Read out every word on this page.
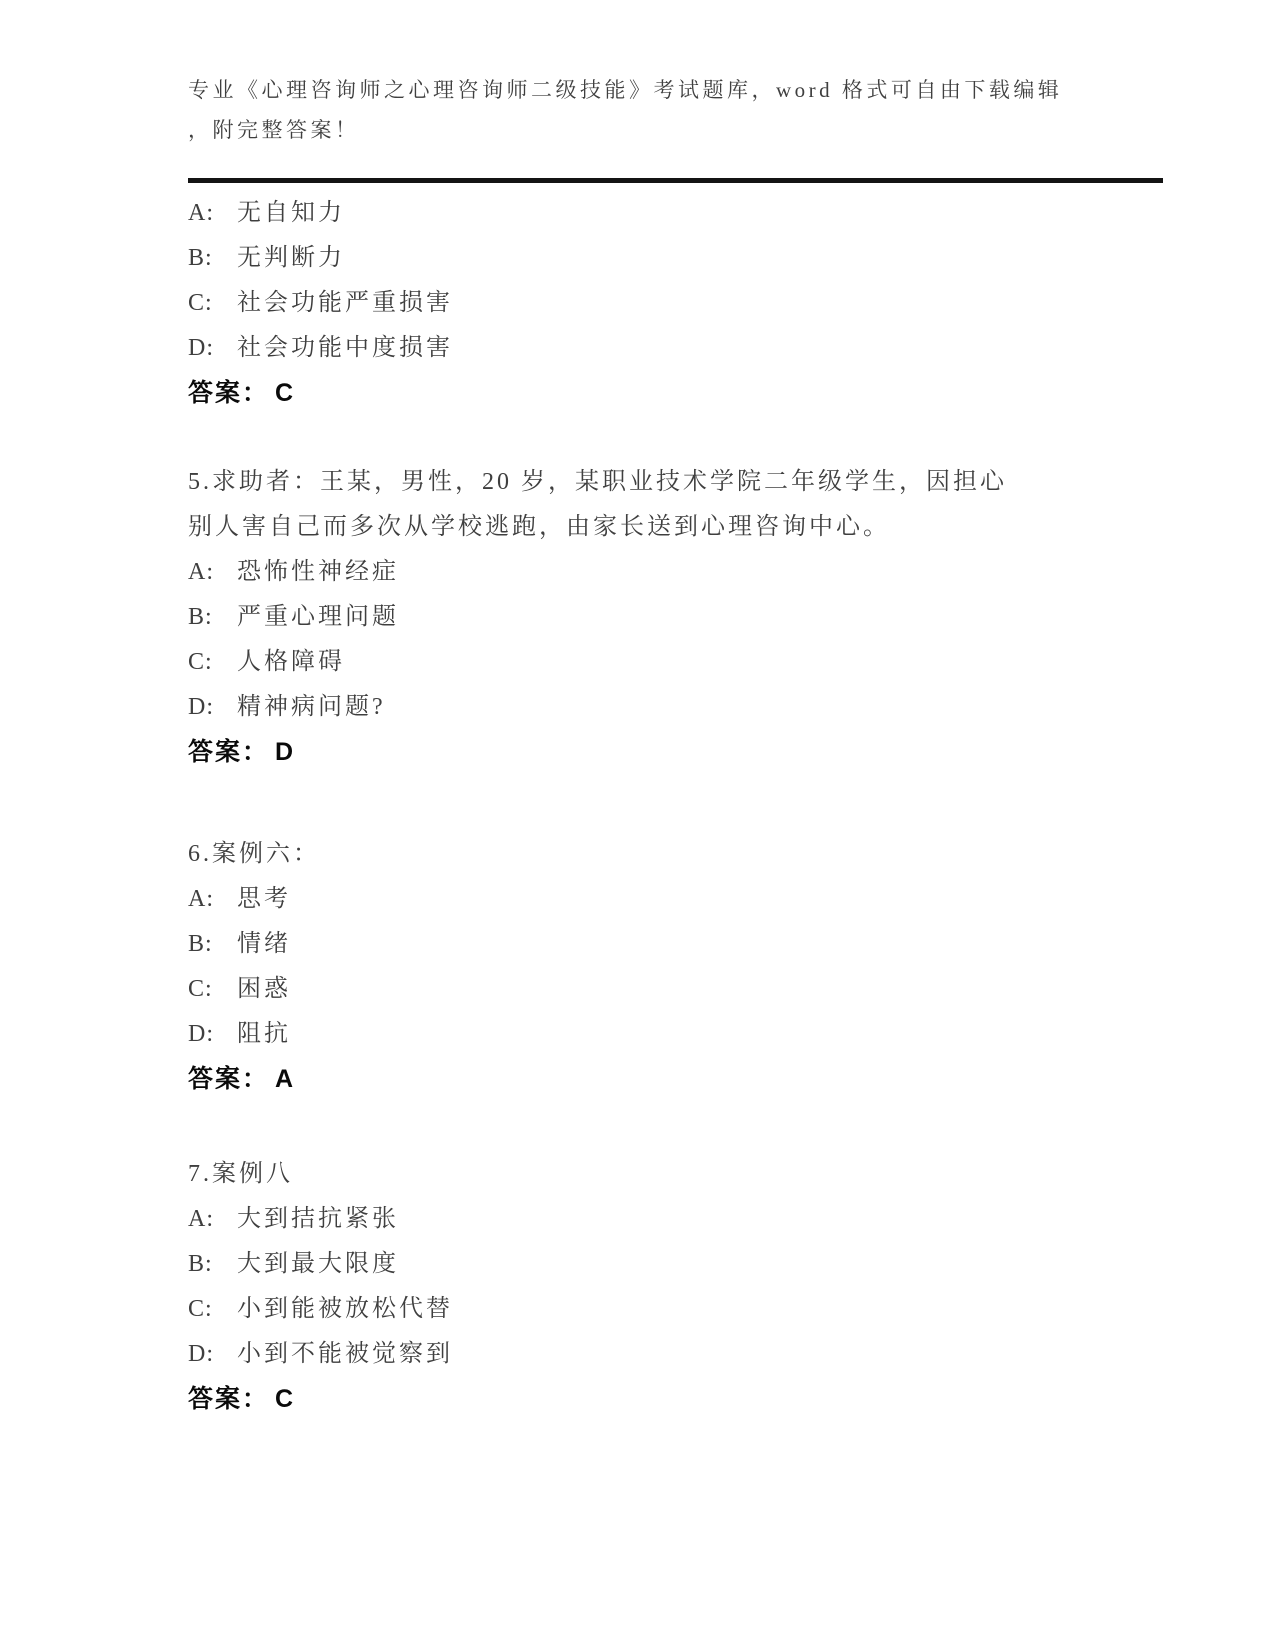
专业《心理咨询师之心理咨询师二级技能》考试题库，word 格式可自由下载编辑
，附完整答案！
A: 无自知力
B: 无判断力
C: 社会功能严重损害
D: 社会功能中度损害
答案： C
5.求助者：王某，男性，20 岁，某职业技术学院二年级学生，因担心别人害自己而多次从学校逃跑，由家长送到心理咨询中心。
A: 恐怖性神经症
B: 严重心理问题
C: 人格障碍
D: 精神病问题?
答案： D
6.案例六：
A: 思考
B: 情绪
C: 困惑
D: 阻抗
答案： A
7.案例八
A: 大到拮抗紧张
B: 大到最大限度
C: 小到能被放松代替
D: 小到不能被觉察到
答案： C
